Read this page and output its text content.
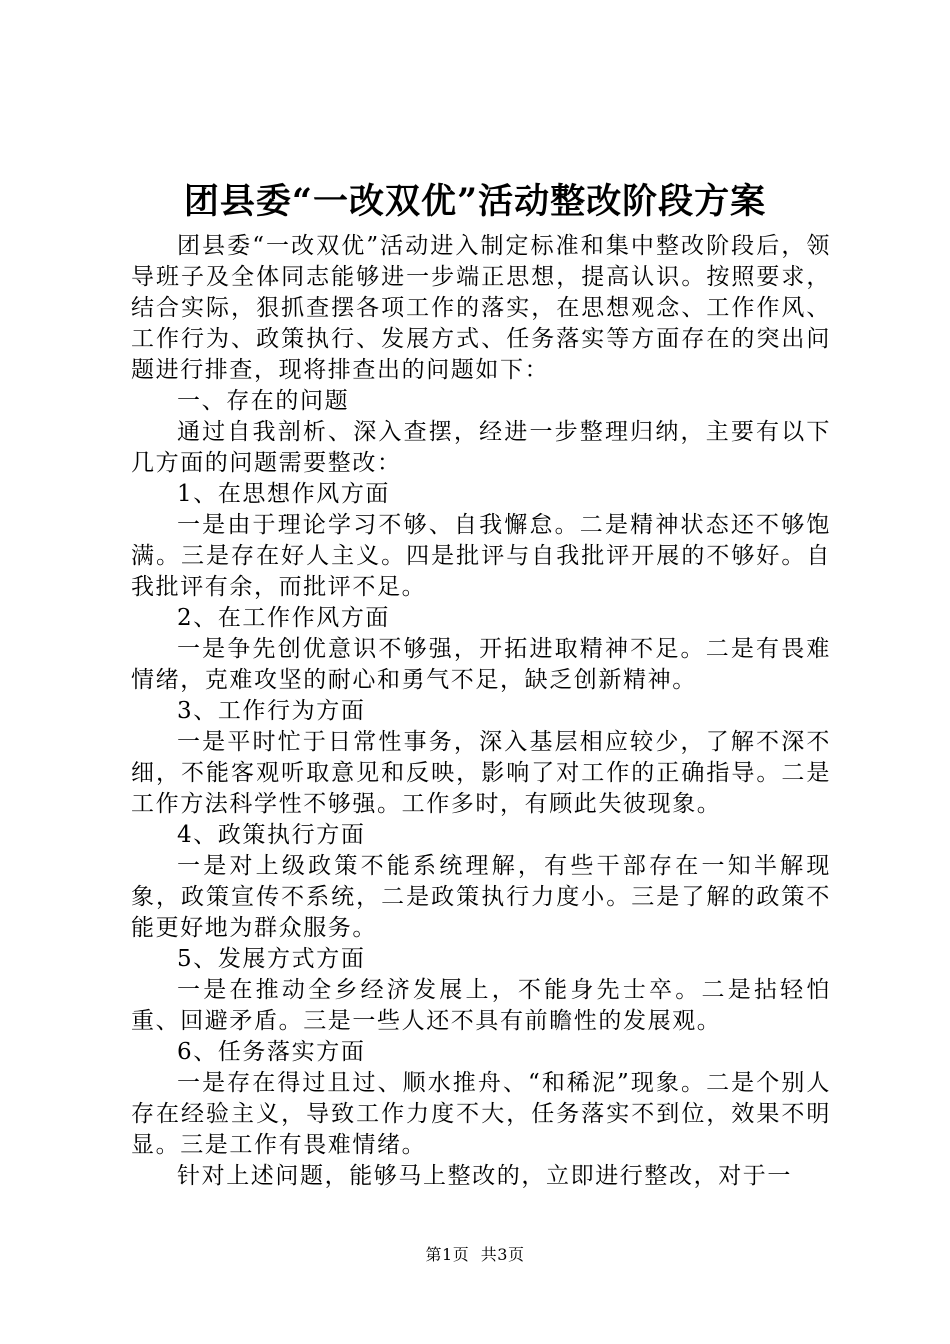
团县委“一改双优”活动整改阶段方案

团县委“一改双优”活动进入制定标准和集中整改阶段后，领导班子及全体同志能够进一步端正思想，提高认识。按照要求，结合实际，狠抓查摆各项工作的落实，在思想观念、工作作风、工作行为、政策执行、发展方式、任务落实等方面存在的突出问题进行排查，现将排查出的问题如下：

一、存在的问题

通过自我剖析、深入查摆，经进一步整理归纳，主要有以下几方面的问题需要整改：

1、在思想作风方面

一是由于理论学习不够、自我懈怠。二是精神状态还不够饱满。三是存在好人主义。四是批评与自我批评开展的不够好。自我批评有余，而批评不足。

2、在工作作风方面

一是争先创优意识不够强，开拓进取精神不足。二是有畏难情绪，克难攻坚的耐心和勇气不足，缺乏创新精神。

3、工作行为方面

一是平时忙于日常性事务，深入基层相应较少，了解不深不细，不能客观听取意见和反映，影响了对工作的正确指导。二是工作方法科学性不够强。工作多时，有顾此失彼现象。

4、政策执行方面

一是对上级政策不能系统理解，有些干部存在一知半解现象，政策宣传不系统，二是政策执行力度小。三是了解的政策不能更好地为群众服务。

5、发展方式方面

一是在推动全乡经济发展上，不能身先士卒。二是拈轻怕重、回避矛盾。三是一些人还不具有前瞻性的发展观。

6、任务落实方面

一是存在得过且过、顺水推舟、“和稀泥”现象。二是个别人存在经验主义，导致工作力度不大，任务落实不到位，效果不明显。三是工作有畏难情绪。

针对上述问题，能够马上整改的，立即进行整改，对于一

第1页 共3页
